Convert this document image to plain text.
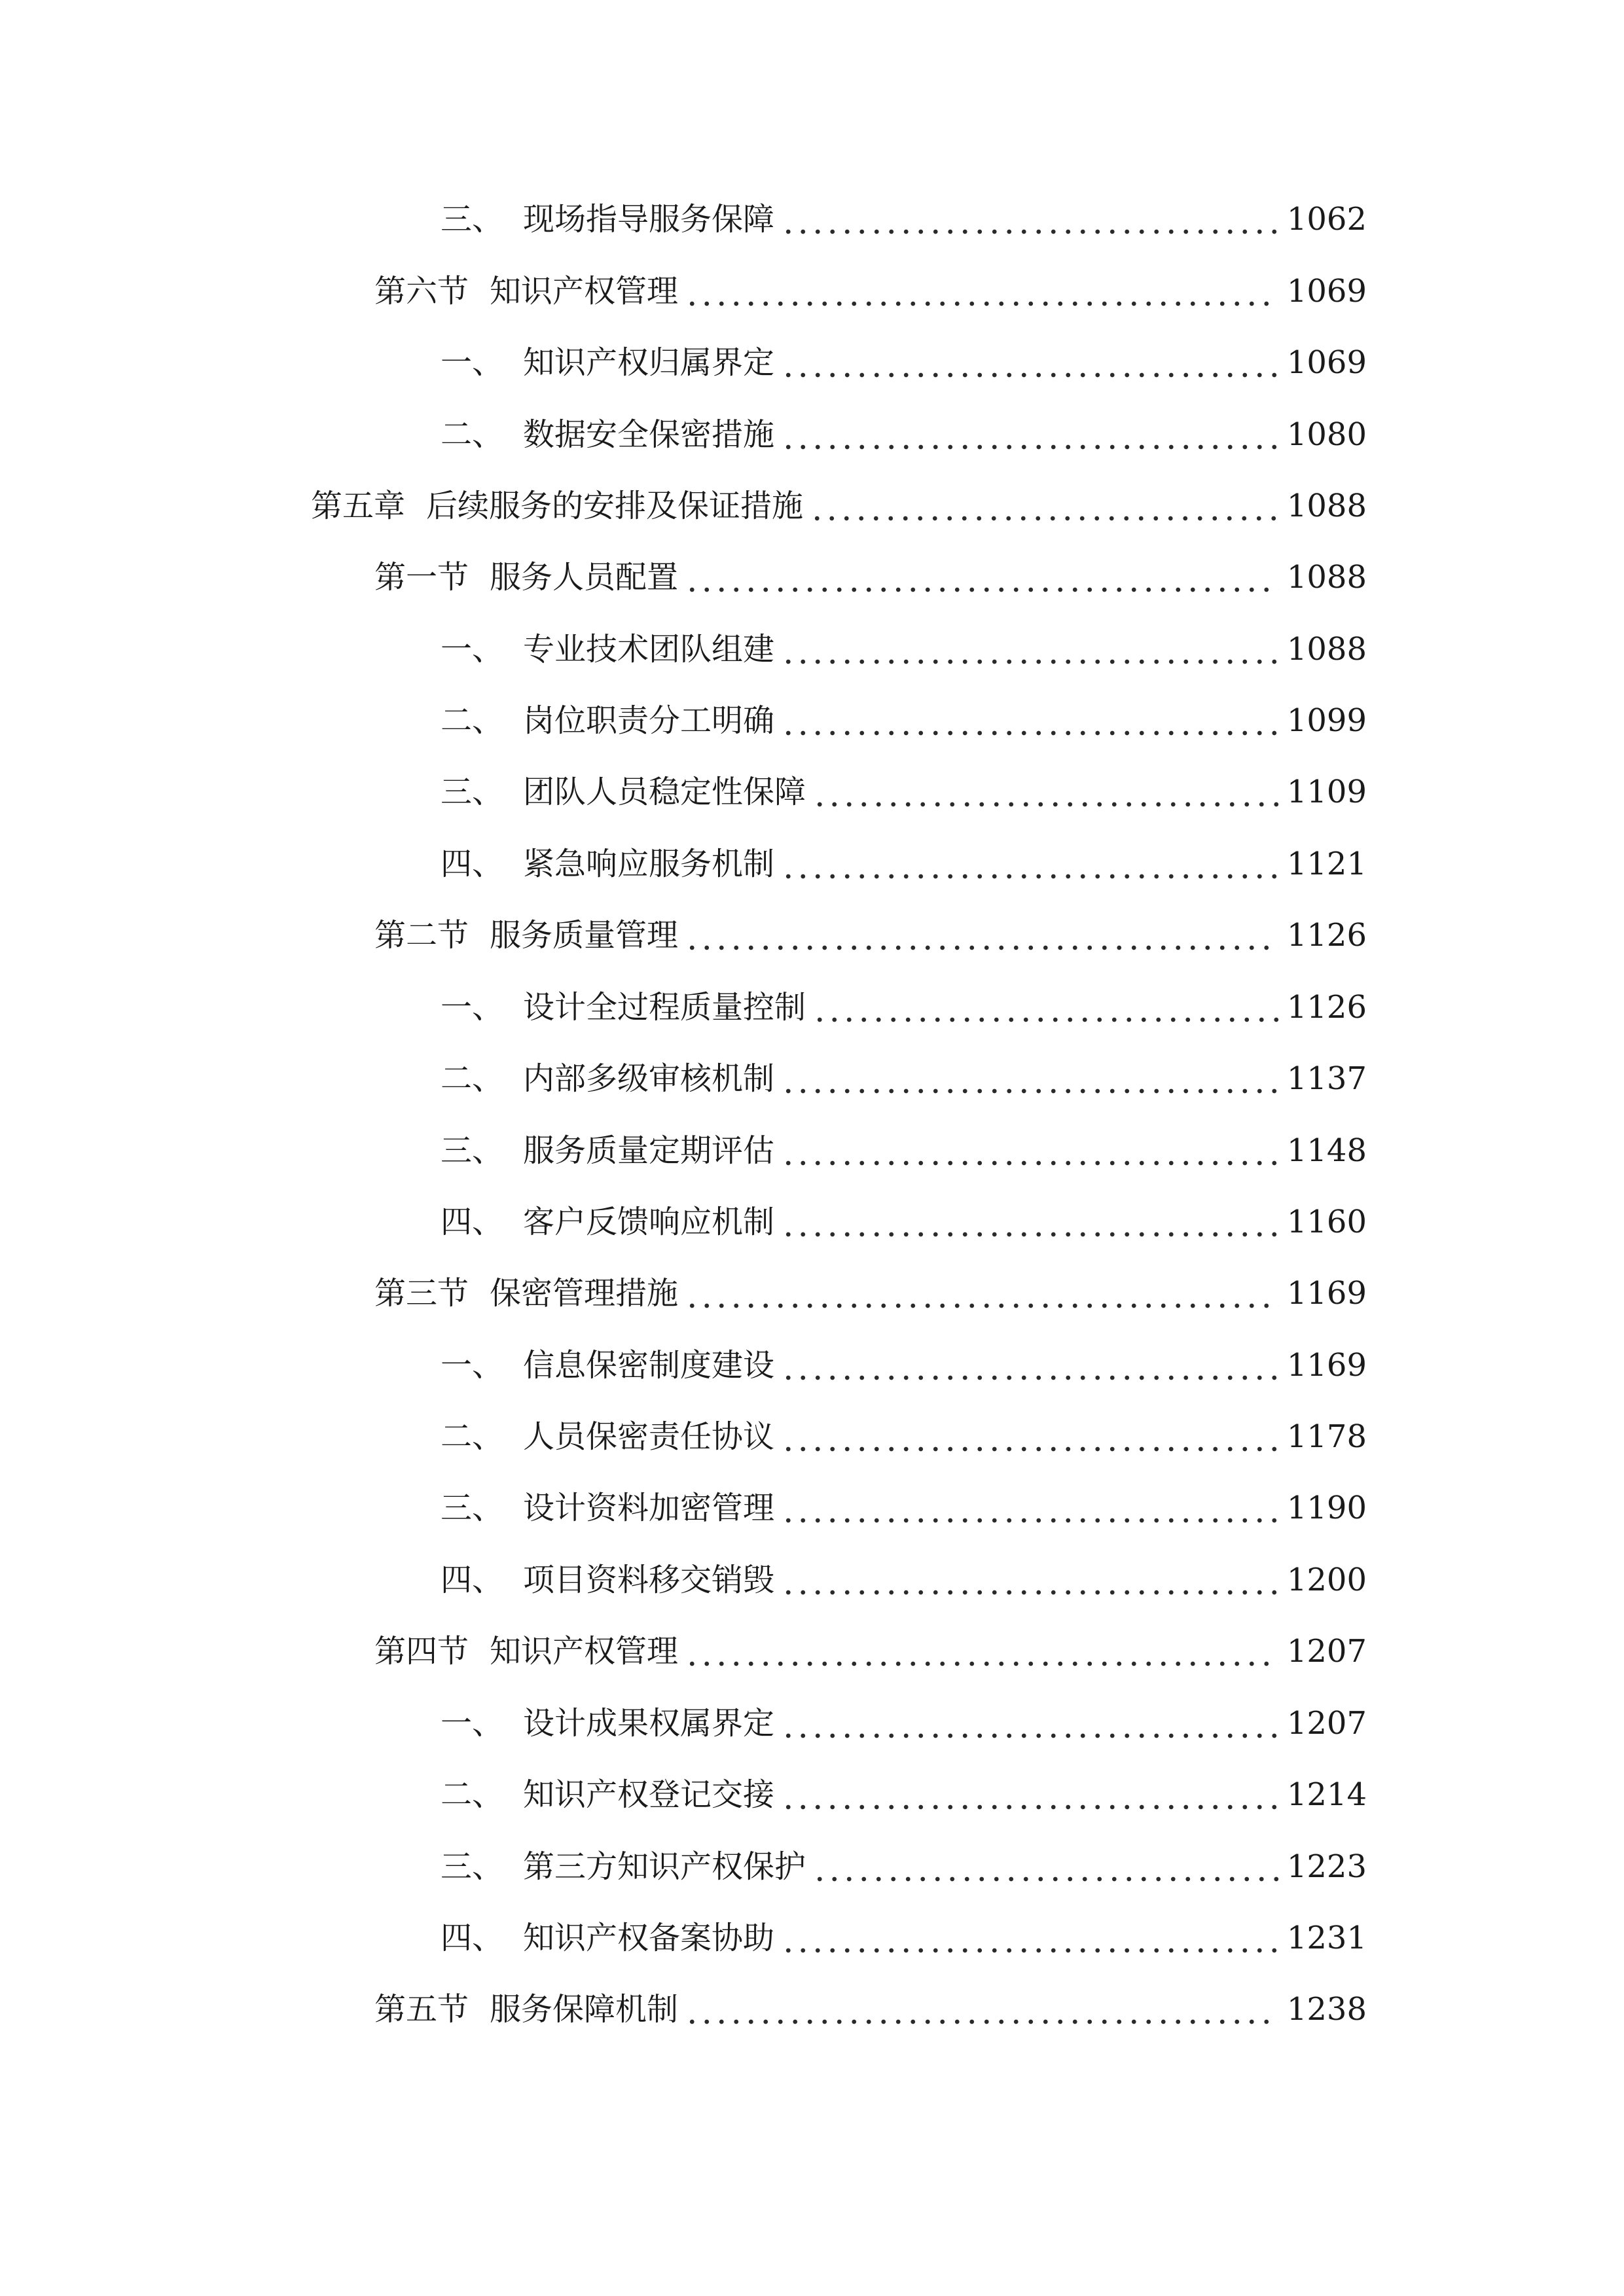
三、 现场指导服务保障	1062
第六节 知识产权管理	1069
一、 知识产权归属界定	1069
二、 数据安全保密措施	1080
第五章 后续服务的安排及保证措施	1088
第一节 服务人员配置	1088
一、 专业技术团队组建	1088
二、 岗位职责分工明确	1099
三、 团队人员稳定性保障	1109
四、 紧急响应服务机制	1121
第二节 服务质量管理	1126
一、 设计全过程质量控制	1126
二、 内部多级审核机制	1137
三、 服务质量定期评估	1148
四、 客户反馈响应机制	1160
第三节 保密管理措施	1169
一、 信息保密制度建设	1169
二、 人员保密责任协议	1178
三、 设计资料加密管理	1190
四、 项目资料移交销毁	1200
第四节 知识产权管理	1207
一、 设计成果权属界定	1207
二、 知识产权登记交接	1214
三、 第三方知识产权保护	1223
四、 知识产权备案协助	1231
第五节 服务保障机制	1238
